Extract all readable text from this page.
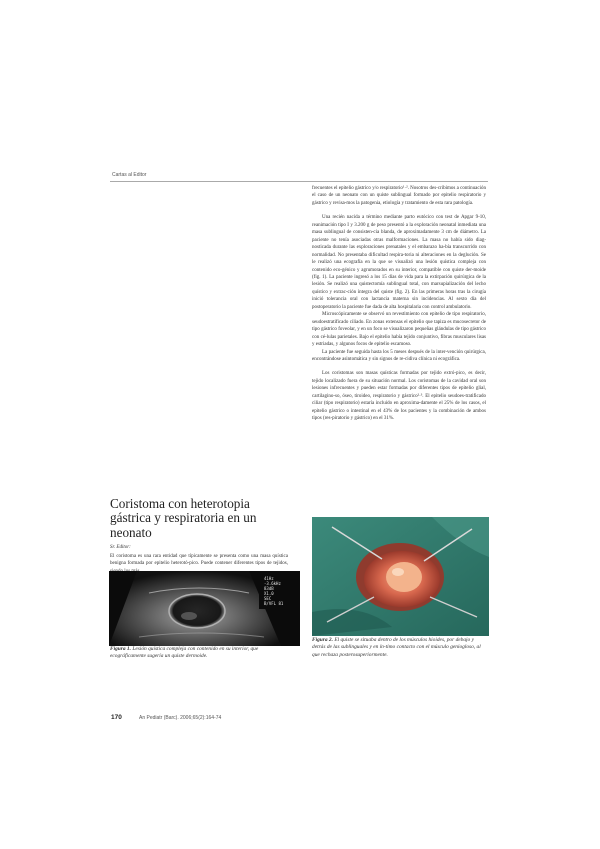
Cartas al Editor

frecuentes el epitelio gástrico y/o respiratorio¹·². Nosotros des-cribimos a continuación el caso de un neonato con un quiste sublingual formado por epitelio respiratorio y gástrico y revisa-mos la patogenia, etiología y tratamiento de esta rara patología.

Una recién nacida a término mediante parto eutócico con test de Apgar 9-10, reanimación tipo I y 3.200 g de peso presentó a la exploración neonatal inmediata una masa sublingual de consisten-cia blanda, de aproximadamente 3 cm de diámetro. La paciente no tenía asociadas otras malformaciones. La masa no había sido diag-nosticada durante las exploraciones prenatales y el embarazo ha-bía transcurrido con normalidad. No presentaba dificultad respira-toria ni alteraciones en la deglución. Se le realizó una ecografía en la que se visualizó una lesión quística compleja con contenido eco-génico y agrumorados en su interior, compatible con quiste der-moide (fig. 1). La paciente ingresó a los 15 días de vida para la extirpación quirúrgica de la lesión. Se realizó una quistectomía sublingual total, con marsupialización del lecho quístico y extrac-ción íntegra del quiste (fig. 2). En las primeras horas tras la cirugía inició tolerancia oral con lactancia materna sin incidencias. Al sexto día del postoperatorio la paciente fue dada de alta hospitalaria con control ambulatorio.

Microscópicamente se observó un revestimiento con epitelio de tipo respiratorio, seudoestratificado ciliado. En zonas extensas el epitelio que tapiza es mucosecretor de tipo gástrico foveolar, y en un foco se visualizaron pequeñas glándulas de tipo gástrico con cé-lulas parietales. Bajo el epitelio había tejido conjuntivo, fibras musculares lisas y estriadas, y algunos focos de epitelio escamoso.

La paciente fue seguida hasta los 5 meses después de la inter-vención quirúrgica, encontrándose asintomática y sin signos de re-cidiva clínica ni ecográfica.

Los coristomas son masas quísticas formadas por tejido extró-pico, es decir, tejido localizado fuera de su situación normal. Los coristomas de la cavidad oral son lesiones infrecuentes y pueden estar formadas por diferentes tipos de epitelio glial, cartilagino-so, óseo, tiroideo, respiratorio y gástrico²·³. El epitelio seudoes-tratificado ciliar (tipo respiratorio) estaría incluido en aproxima-damente el 25% de los casos, el epitelio gástrico o intestinal en el 43% de los pacientes y la combinación de ambos tipos (res-piratorio y gástrico) en el 31%.

Coristoma con heterotopia gástrica y respiratoria en un neonato
Sr. Editor:

El coristoma es una rara entidad que típicamente se presenta como una masa quística benigna formada por epitelio heterotó-pico. Puede contener diferentes tipos de tejidos,

41Hz
-3.6kHz
83dB
X1.0
SEC
B/VFL 81
Figura 1. Lesión quística compleja con contenido en su interior, que ecográficamente sugería un quiste dermoide.
Figura 2. El quiste se situaba dentro de los músculos hioides, por debajo y detrás de las sublinguales y en ín-timo contacto con el músculo geniogloso, al que rechaza posterosuperiormente.
170	An Pediatr (Barc). 2006;65(2):164-74
